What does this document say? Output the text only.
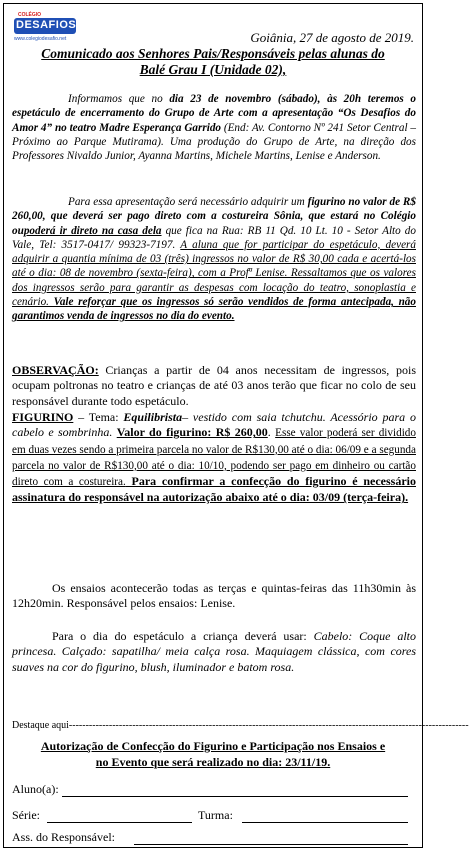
COLÉGIO
DESAFIOS
www.colegiodesafio.net	Goiânia, 27 de agosto de 2019.
Comunicado aos Senhores Pais/Responsáveis pelas alunas do
Balé Grau I (Unidade 02),
Informamos que no dia 23 de novembro (sábado), às 20h teremos o espetáculo de encerramento do Grupo de Arte com a apresentação “Os Desafios do Amor 4” no teatro Madre Esperança Garrido (End: Av. Contorno Nº 241 Setor Central – Próximo ao Parque Mutirama). Uma produção do Grupo de Arte, na direção dos Professores Nivaldo Junior, Ayanna Martins, Michele Martins, Lenise e Anderson.
Para essa apresentação será necessário adquirir um figurino no valor de R$ 260,00, que deverá ser pago direto com a costureira Sônia, que estará no Colégio oupoderá ir direto na casa dela que fica na Rua: RB 11 Qd. 10 Lt. 10 - Setor Alto do Vale, Tel: 3517-0417/ 99323-7197. A aluna que for participar do espetáculo, deverá adquirir a quantia mínima de 03 (três) ingressos no valor de R$ 30,00 cada e acertá-los até o dia: 08 de novembro (sexta-feira), com a Profª Lenise. Ressaltamos que os valores dos ingressos serão para garantir as despesas com locação do teatro, sonoplastia e cenário. Vale reforçar que os ingressos só serão vendidos de forma antecipada, não garantimos venda de ingressos no dia do evento.
OBSERVAÇÃO: Crianças a partir de 04 anos necessitam de ingressos, pois ocupam poltronas no teatro e crianças de até 03 anos terão que ficar no colo de seu responsável durante todo espetáculo.
FIGURINO – Tema: Equilibrista– vestido com saia tchutchu. Acessório para o cabelo e sombrinha. Valor do figurino: R$ 260,00. Esse valor poderá ser dividido em duas vezes sendo a primeira parcela no valor de R$130,00 até o dia: 06/09 e a segunda parcela no valor de R$130,00 até o dia: 10/10, podendo ser pago em dinheiro ou cartão direto com a costureira. Para confirmar a confecção do figurino é necessário assinatura do responsável na autorização abaixo até o dia: 03/09 (terça-feira).
Os ensaios acontecerão todas as terças e quintas-feiras das 11h30min às 12h20min. Responsável pelos ensaios: Lenise.
Para o dia do espetáculo a criança deverá usar: Cabelo: Coque alto princesa. Calçado: sapatilha/ meia calça rosa. Maquiagem clássica, com cores suaves na cor do figurino, blush, iluminador e batom rosa.
Destaque aqui------------------------------------------------------------------------------------------------------------------------
Autorização de Confecção do Figurino e Participação nos Ensaios e
no Evento que será realizado no dia: 23/11/19.
Aluno(a):
Série:	Turma:
Ass. do Responsável:
